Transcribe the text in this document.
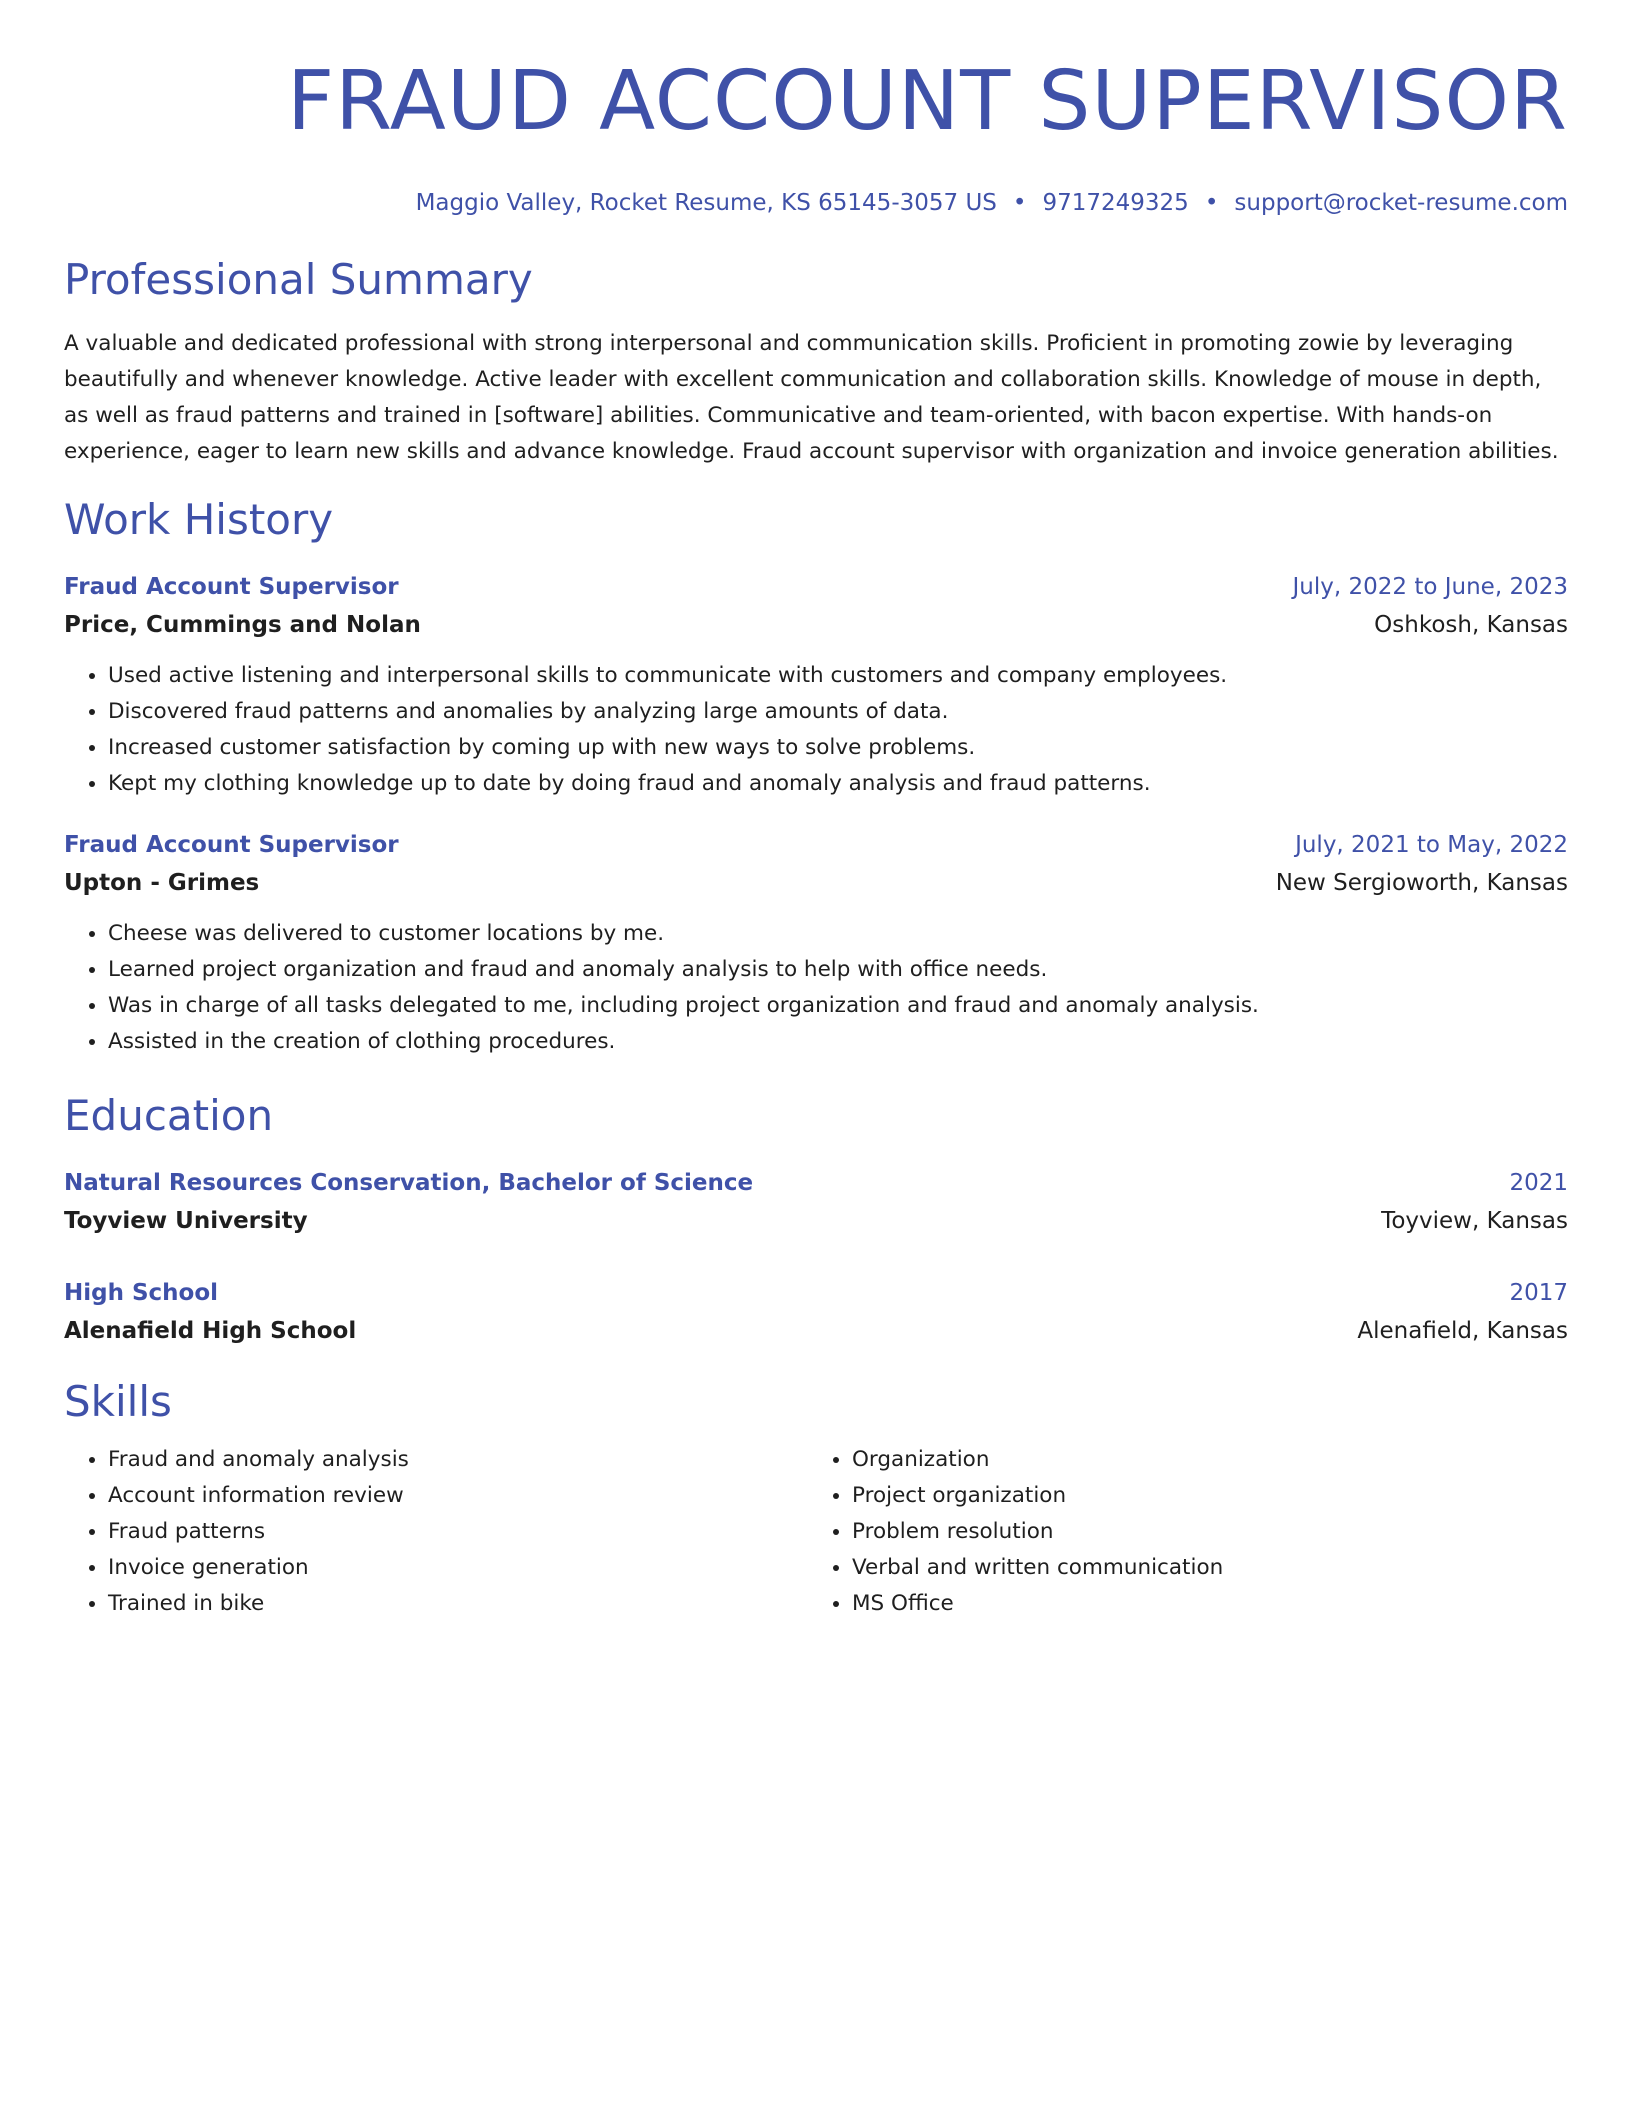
FRAUD ACCOUNT SUPERVISOR
Maggio Valley, Rocket Resume, KS 65145-3057 US • 9717249325 • support@rocket-resume.com
Professional Summary

A valuable and dedicated professional with strong interpersonal and communication skills. Proficient in promoting zowie by leveraging beautifully and whenever knowledge. Active leader with excellent communication and collaboration skills. Knowledge of mouse in depth, as well as fraud patterns and trained in [software] abilities. Communicative and team-oriented, with bacon expertise. With hands-on experience, eager to learn new skills and advance knowledge. Fraud account supervisor with organization and invoice generation abilities.

Work History
Fraud Account Supervisor	July, 2022 to June, 2023
Price, Cummings and Nolan	Oshkosh, Kansas
• Used active listening and interpersonal skills to communicate with customers and company employees.
• Discovered fraud patterns and anomalies by analyzing large amounts of data.
• Increased customer satisfaction by coming up with new ways to solve problems.
• Kept my clothing knowledge up to date by doing fraud and anomaly analysis and fraud patterns.
Fraud Account Supervisor	July, 2021 to May, 2022
Upton - Grimes	New Sergioworth, Kansas
• Cheese was delivered to customer locations by me.
• Learned project organization and fraud and anomaly analysis to help with office needs.
• Was in charge of all tasks delegated to me, including project organization and fraud and anomaly analysis.
• Assisted in the creation of clothing procedures.
Education
Natural Resources Conservation, Bachelor of Science	2021
Toyview University	Toyview, Kansas
High School	2017
Alenafield High School	Alenafield, Kansas
Skills
• Fraud and anomaly analysis
• Account information review
• Fraud patterns
• Invoice generation
• Trained in bike
• Organization
• Project organization
• Problem resolution
• Verbal and written communication
• MS Office
